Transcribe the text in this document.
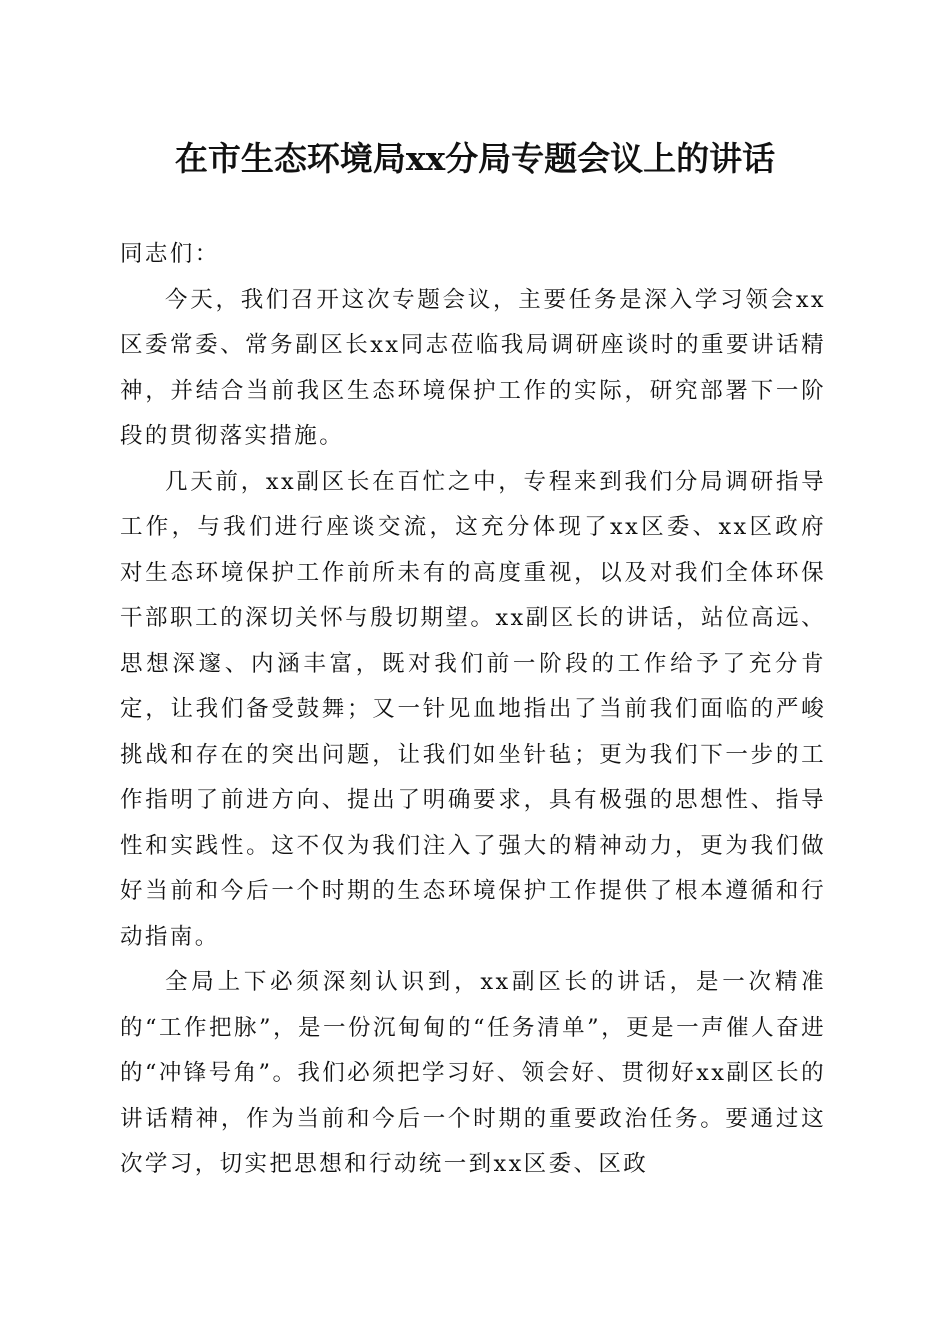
在市生态环境局xx分局专题会议上的讲话

同志们：

今天，我们召开这次专题会议，主要任务是深入学习领会xx区委常委、常务副区长xx同志莅临我局调研座谈时的重要讲话精神，并结合当前我区生态环境保护工作的实际，研究部署下一阶段的贯彻落实措施。

几天前，xx副区长在百忙之中，专程来到我们分局调研指导工作，与我们进行座谈交流，这充分体现了xx区委、xx区政府对生态环境保护工作前所未有的高度重视，以及对我们全体环保干部职工的深切关怀与殷切期望。xx副区长的讲话，站位高远、思想深邃、内涵丰富，既对我们前一阶段的工作给予了充分肯定，让我们备受鼓舞；又一针见血地指出了当前我们面临的严峻挑战和存在的突出问题，让我们如坐针毡；更为我们下一步的工作指明了前进方向、提出了明确要求，具有极强的思想性、指导性和实践性。这不仅为我们注入了强大的精神动力，更为我们做好当前和今后一个时期的生态环境保护工作提供了根本遵循和行动指南。

全局上下必须深刻认识到，xx副区长的讲话，是一次精准的“工作把脉”，是一份沉甸甸的“任务清单”，更是一声催人奋进的“冲锋号角”。我们必须把学习好、领会好、贯彻好xx副区长的讲话精神，作为当前和今后一个时期的重要政治任务。要通过这次学习，切实把思想和行动统一到xx区委、区政
